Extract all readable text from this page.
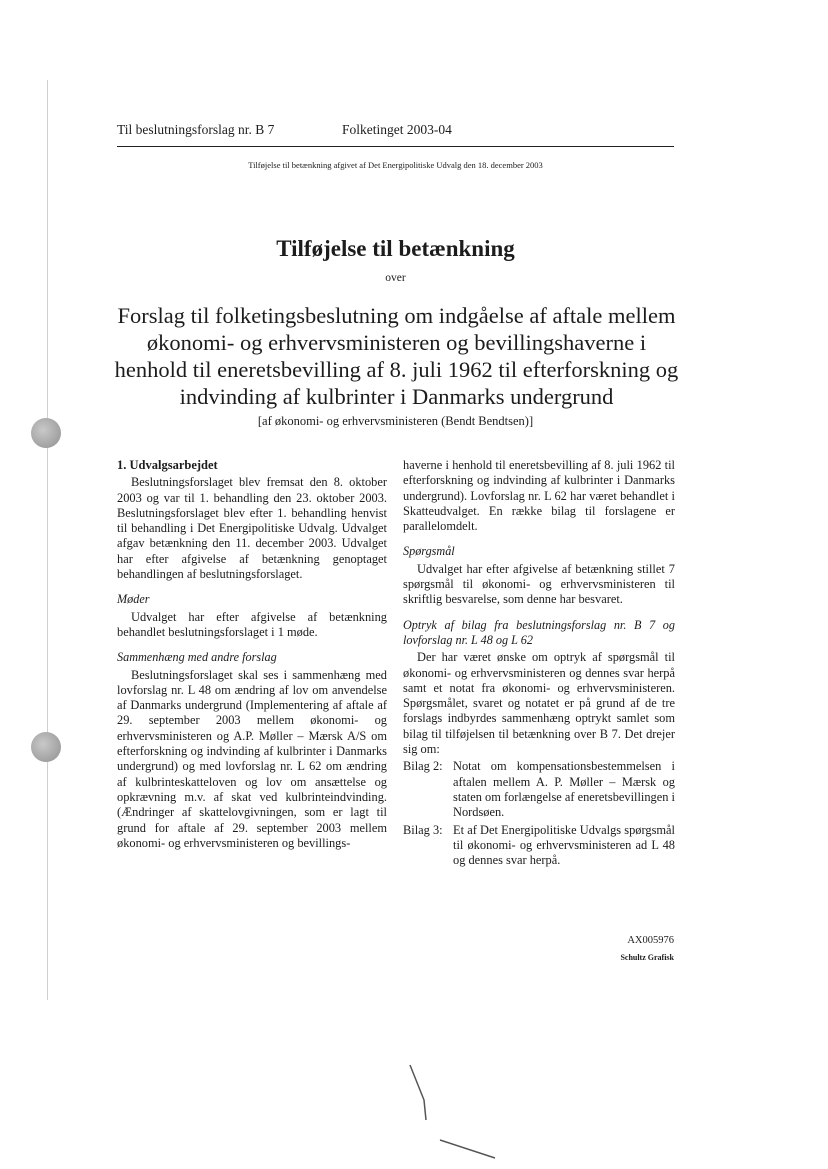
Til beslutningsforslag nr. B 7	Folketinget 2003-04
Tilføjelse til betænkning afgivet af Det Energipolitiske Udvalg den 18. december 2003
Tilføjelse til betænkning
over
Forslag til folketingsbeslutning om indgåelse af aftale mellem økonomi- og erhvervsministeren og bevillingshaverne i henhold til eneretsbevilling af 8. juli 1962 til efterforskning og indvinding af kulbrinter i Danmarks undergrund
[af økonomi- og erhvervsministeren (Bendt Bendtsen)]
1. Udvalgsarbejdet

Beslutningsforslaget blev fremsat den 8. oktober 2003 og var til 1. behandling den 23. oktober 2003. Beslutningsforslaget blev efter 1. behandling henvist til behandling i Det Energipolitiske Udvalg. Udvalget afgav betænkning den 11. december 2003. Udvalget har efter afgivelse af betænkning genoptaget behandlingen af beslutningsforslaget.

Møder

Udvalget har efter afgivelse af betænkning behandlet beslutningsforslaget i 1 møde.

Sammenhæng med andre forslag

Beslutningsforslaget skal ses i sammenhæng med lovforslag nr. L 48 om ændring af lov om anvendelse af Danmarks undergrund (Implementering af aftale af 29. september 2003 mellem økonomi- og erhvervsministeren og A.P. Møller – Mærsk A/S om efterforskning og indvinding af kulbrinter i Danmarks undergrund) og med lovforslag nr. L 62 om ændring af kulbrinteskatteloven og lov om ansættelse og opkrævning m.v. af skat ved kulbrinteindvinding. (Ændringer af skattelovgivningen, som er lagt til grund for aftale af 29. september 2003 mellem økonomi- og erhvervsministeren og bevillings-

haverne i henhold til eneretsbevilling af 8. juli 1962 til efterforskning og indvinding af kulbrinter i Danmarks undergrund). Lovforslag nr. L 62 har været behandlet i Skatteudvalget. En række bilag til forslagene er parallelomdelt.

Spørgsmål

Udvalget har efter afgivelse af betænkning stillet 7 spørgsmål til økonomi- og erhvervsministeren til skriftlig besvarelse, som denne har besvaret.

Optryk af bilag fra beslutningsforslag nr. B 7 og lovforslag nr. L 48 og L 62

Der har været ønske om optryk af spørgsmål til økonomi- og erhvervsministeren og dennes svar herpå samt et notat fra økonomi- og erhvervsministeren. Spørgsmålet, svaret og notatet er på grund af de tre forslags indbyrdes sammenhæng optrykt samlet som bilag til tilføjelsen til betænkning over B 7. Det drejer sig om:

Bilag 2: Notat om kompensationsbestemmelsen i aftalen mellem A. P. Møller – Mærsk og staten om forlængelse af eneretsbevillingen i Nordsøen.
Bilag 3: Et af Det Energipolitiske Udvalgs spørgsmål til økonomi- og erhvervsministeren ad L 48 og dennes svar herpå.
AX005976
Schultz Grafisk
